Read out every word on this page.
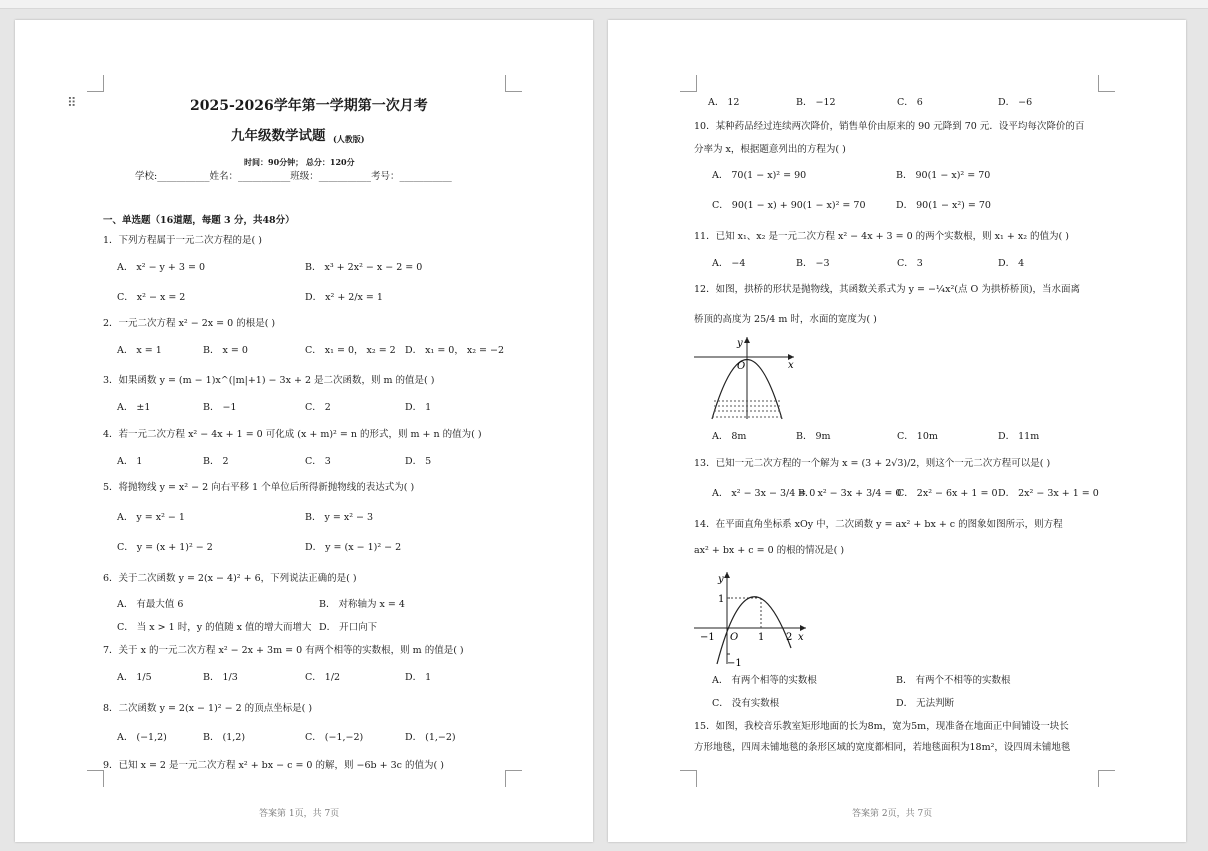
⠿	2025-2026学年第一学期第一次月考
九年级数学试题 (人教版)
时间：90分钟； 总分：120分
学校:___________姓名：___________班级：___________考号：___________
一、单选题（16道题，每题 3 分，共48分）
1．下列方程属于一元二次方程的是( )
A． x² − y + 3 = 0	B． x³ + 2x² − x − 2 = 0
C． x² − x = 2	D． x² + 2/x = 1
2．一元二次方程 x² − 2x = 0 的根是( )
A． x = 1	B． x = 0	C． x₁ = 0， x₂ = 2 D． x₁ = 0， x₂ = −2
3．如果函数 y = (m − 1)x^(|m|+1) − 3x + 2 是二次函数，则 m 的值是( )
A． ±1	B． −1	C． 2	D． 1
4．若一元二次方程 x² − 4x + 1 = 0 可化成 (x + m)² = n 的形式，则 m + n 的值为( )
A． 1	B． 2	C． 3	D． 5
5．将抛物线 y = x² − 2 向右平移 1 个单位后所得新抛物线的表达式为( )
A． y = x² − 1	B． y = x² − 3
C． y = (x + 1)² − 2	D． y = (x − 1)² − 2
6．关于二次函数 y = 2(x − 4)² + 6，下列说法正确的是( )
A． 有最大值 6	B． 对称轴为 x = 4
C． 当 x > 1 时，y 的值随 x 值的增大而增大 D． 开口向下
7．关于 x 的一元二次方程 x² − 2x + 3m = 0 有两个相等的实数根，则 m 的值是( )
A． 1/5	B． 1/3	C． 1/2	D． 1
8．二次函数 y = 2(x − 1)² − 2 的顶点坐标是( )
A． (−1,2)	B． (1,2)	C． (−1,−2)	D． (1,−2)
9．已知 x = 2 是一元二次方程 x² + bx − c = 0 的解，则 −6b + 3c 的值为( )
答案第 1页，共 7页
A． 12	B． −12	C． 6	D． −6
10．某种药品经过连续两次降价，销售单价由原来的 90 元降到 70 元．设平均每次降价的百
分率为 x，根据题意列出的方程为( )
A． 70(1 − x)² = 90	B． 90(1 − x)² = 70
C． 90(1 − x) + 90(1 − x)² = 70	D． 90(1 − x²) = 70
11．已知 x₁、x₂ 是一元二次方程 x² − 4x + 3 = 0 的两个实数根，则 x₁ + x₂ 的值为( )
A． −4	B． −3	C． 3	D． 4
12．如图，拱桥的形状是抛物线，其函数关系式为 y = −¼x²(点 O 为拱桥桥顶)，当水面离
桥顶的高度为 25/4 m 时，水面的宽度为( )
y
x
O
A． 8m	B． 9m	C． 10m	D． 11m
13．已知一元二次方程的一个解为 x = (3 + 2√3)/2，则这个一元二次方程可以是( )
A． x² − 3x − 3/4 = 0
B． x² − 3x + 3/4 = 0
C． 2x² − 6x + 1 = 0 D． 2x² − 3x + 1 = 0
14．在平面直角坐标系 xOy 中，二次函数 y = ax² + bx + c 的图象如图所示，则方程
ax² + bx + c = 0 的根的情况是( )
y
x
O
−1	1 2
1
−1
A． 有两个相等的实数根	B． 有两个不相等的实数根
C． 没有实数根	D． 无法判断
15．如图，我校音乐教室矩形地面的长为8m，宽为5m，现准备在地面正中间铺设一块长
方形地毯，四周未铺地毯的条形区域的宽度都相同，若地毯面积为18m²，设四周未铺地毯
答案第 2页，共 7页
